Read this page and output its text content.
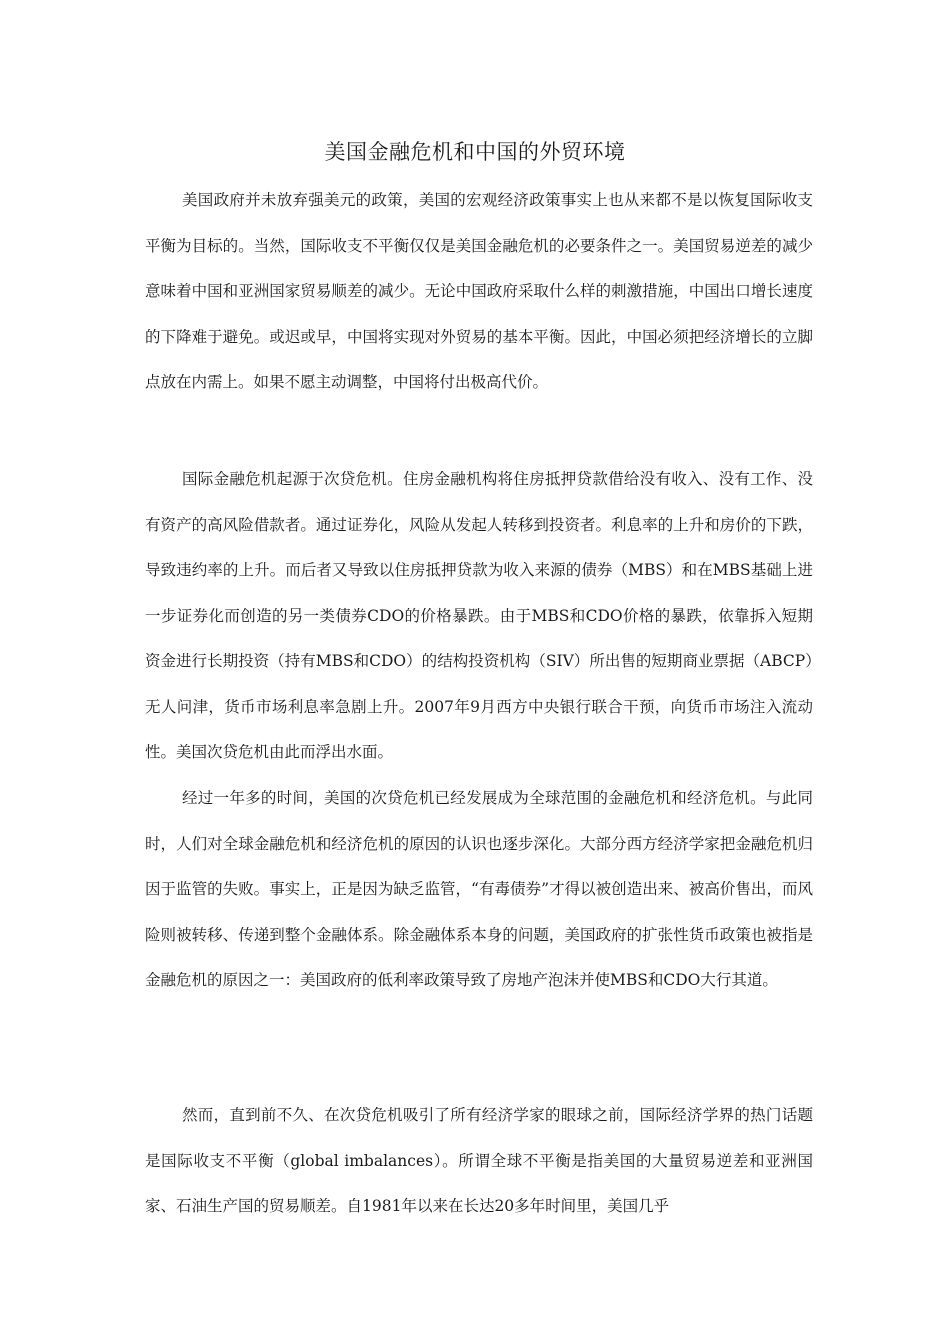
美国金融危机和中国的外贸环境

美国政府并未放弃强美元的政策，美国的宏观经济政策事实上也从来都不是以恢复国际收支平衡为目标的。当然，国际收支不平衡仅仅是美国金融危机的必要条件之一。美国贸易逆差的减少意味着中国和亚洲国家贸易顺差的减少。无论中国政府采取什么样的刺激措施，中国出口增长速度的下降难于避免。或迟或早，中国将实现对外贸易的基本平衡。因此，中国必须把经济增长的立脚点放在内需上。如果不愿主动调整，中国将付出极高代价。

国际金融危机起源于次贷危机。住房金融机构将住房抵押贷款借给没有收入、没有工作、没有资产的高风险借款者。通过证券化，风险从发起人转移到投资者。利息率的上升和房价的下跌，导致违约率的上升。而后者又导致以住房抵押贷款为收入来源的债券（MBS）和在MBS基础上进一步证券化而创造的另一类债券CDO的价格暴跌。由于MBS和CDO价格的暴跌，依靠拆入短期资金进行长期投资（持有MBS和CDO）的结构投资机构（SIV）所出售的短期商业票据（ABCP）无人问津，货币市场利息率急剧上升。2007年9月西方中央银行联合干预，向货币市场注入流动性。美国次贷危机由此而浮出水面。

经过一年多的时间，美国的次贷危机已经发展成为全球范围的金融危机和经济危机。与此同时，人们对全球金融危机和经济危机的原因的认识也逐步深化。大部分西方经济学家把金融危机归因于监管的失败。事实上，正是因为缺乏监管，“有毒债券”才得以被创造出来、被高价售出，而风险则被转移、传递到整个金融体系。除金融体系本身的问题，美国政府的扩张性货币政策也被指是金融危机的原因之一：美国政府的低利率政策导致了房地产泡沫并使MBS和CDO大行其道。

然而，直到前不久、在次贷危机吸引了所有经济学家的眼球之前，国际经济学界的热门话题是国际收支不平衡（global imbalances）。所谓全球不平衡是指美国的大量贸易逆差和亚洲国家、石油生产国的贸易顺差。自1981年以来在长达20多年时间里，美国几乎
